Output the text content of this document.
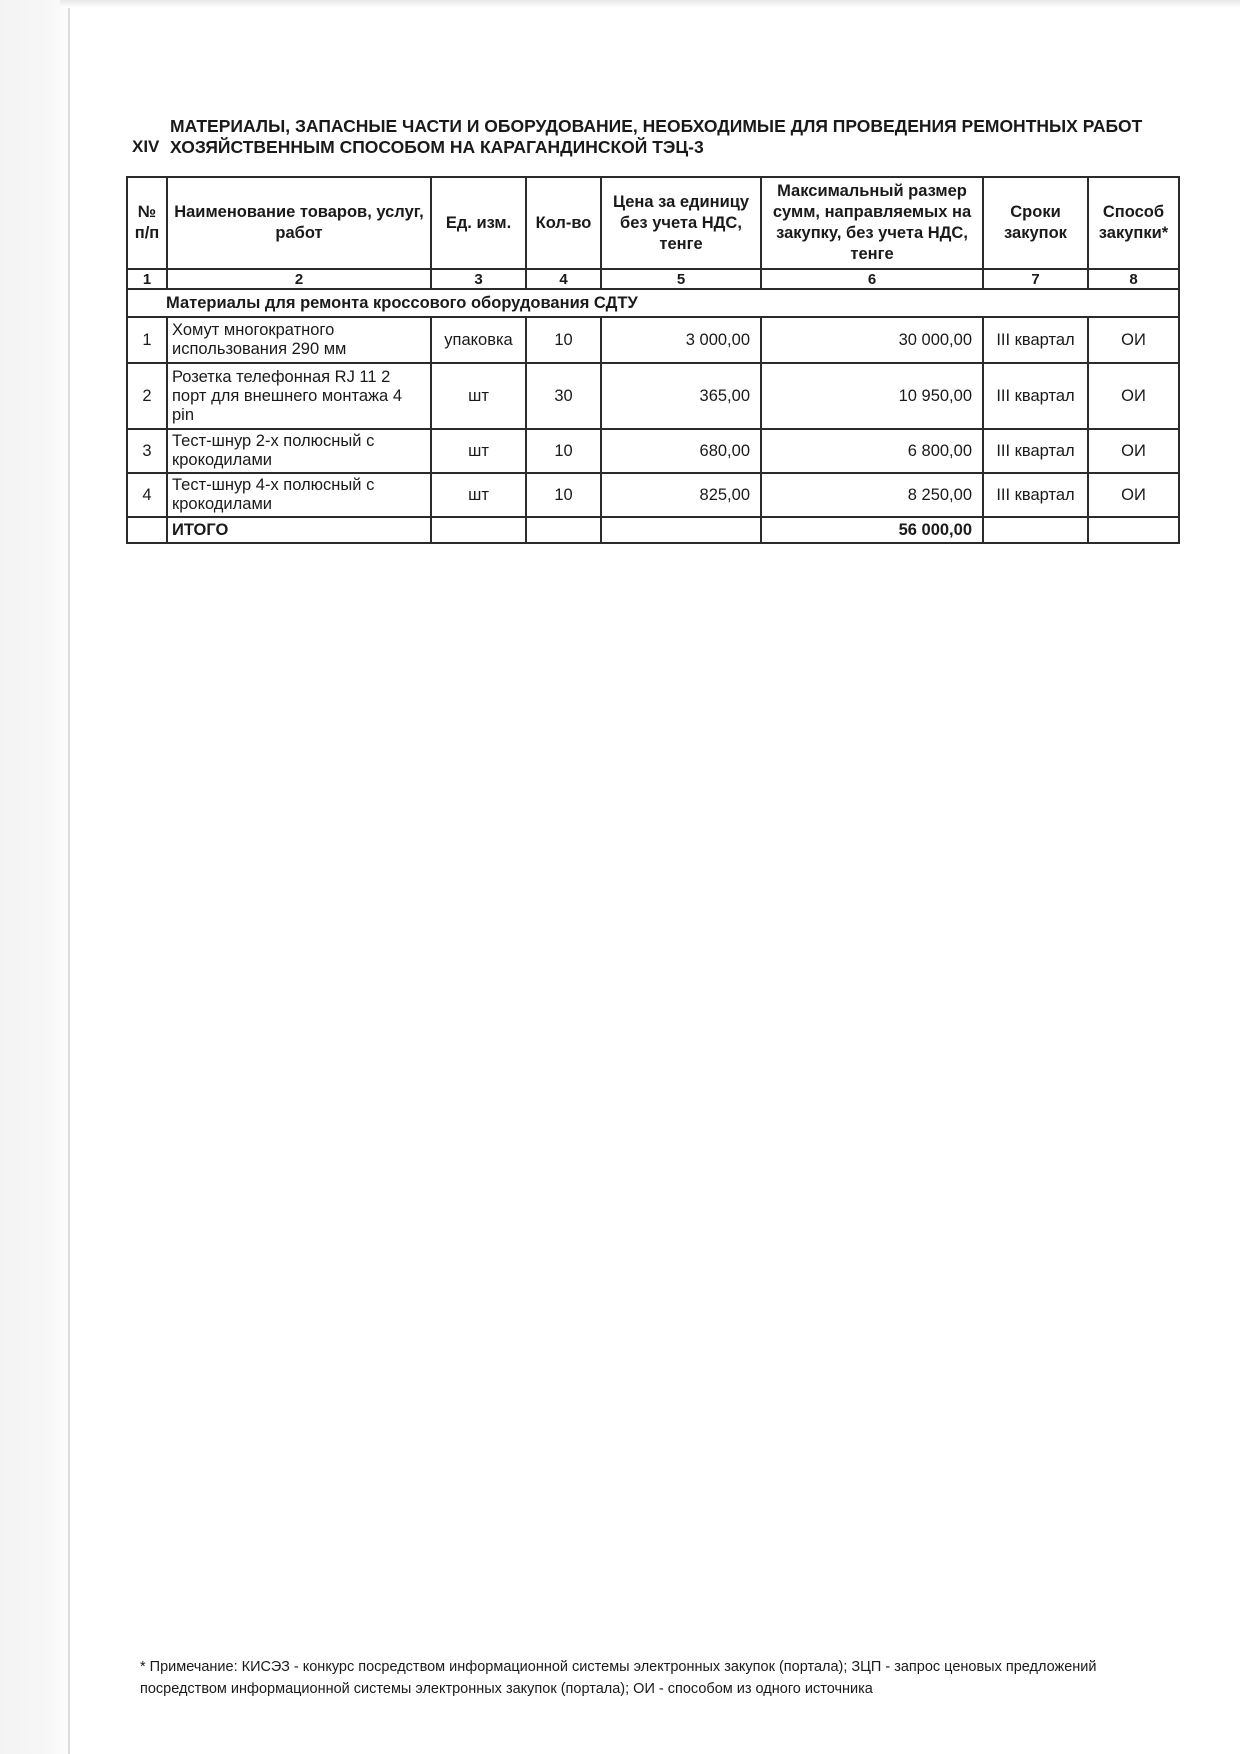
XIV
МАТЕРИАЛЫ, ЗАПАСНЫЕ ЧАСТИ И ОБОРУДОВАНИЕ, НЕОБХОДИМЫЕ ДЛЯ ПРОВЕДЕНИЯ РЕМОНТНЫХ РАБОТ ХОЗЯЙСТВЕННЫМ СПОСОБОМ НА КАРАГАНДИНСКОЙ ТЭЦ-3
№ п/п	Наименование товаров, услуг, работ	Ед. изм.	Кол-во	Цена за единицу без учета НДС, тенге	Максимальный размер сумм, направляемых на закупку, без учета НДС, тенге	Сроки закупок	Способ закупки*
1	2	3	4	5	6	7	8
Материалы для ремонта кроссового оборудования СДТУ							
1	Хомут многократного использования 290 мм	упаковка	10	3 000,00	30 000,00	III квартал	ОИ
2	Розетка телефонная RJ 11 2 порт для внешнего монтажа 4 pin	шт	30	365,00	10 950,00	III квартал	ОИ
3	Тест-шнур 2-х полюсный с крокодилами	шт	10	680,00	6 800,00	III квартал	ОИ
4	Тест-шнур 4-х полюсный с крокодилами	шт	10	825,00	8 250,00	III квартал	ОИ
	ИТОГО				56 000,00		
* Примечание: КИСЭЗ - конкурс посредством информационной системы электронных закупок (портала); ЗЦП - запрос ценовых предложений посредством информационной системы электронных закупок (портала); ОИ - способом из одного источника
